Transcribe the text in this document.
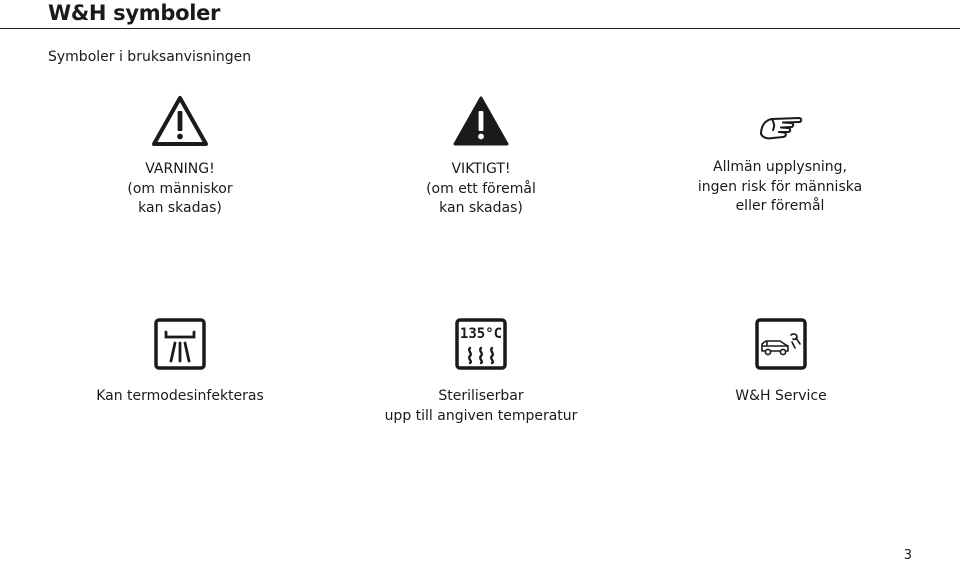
W&H symboler
Symboler i bruksanvisningen
VARNING!
(om människor
kan skadas)
VIKTIGT!
(om ett föremål
kan skadas)
Allmän upplysning,
ingen risk för människa
eller föremål
Kan termodesinfekteras
135°C
Steriliserbar
upp till angiven temperatur
W&H Service
3
